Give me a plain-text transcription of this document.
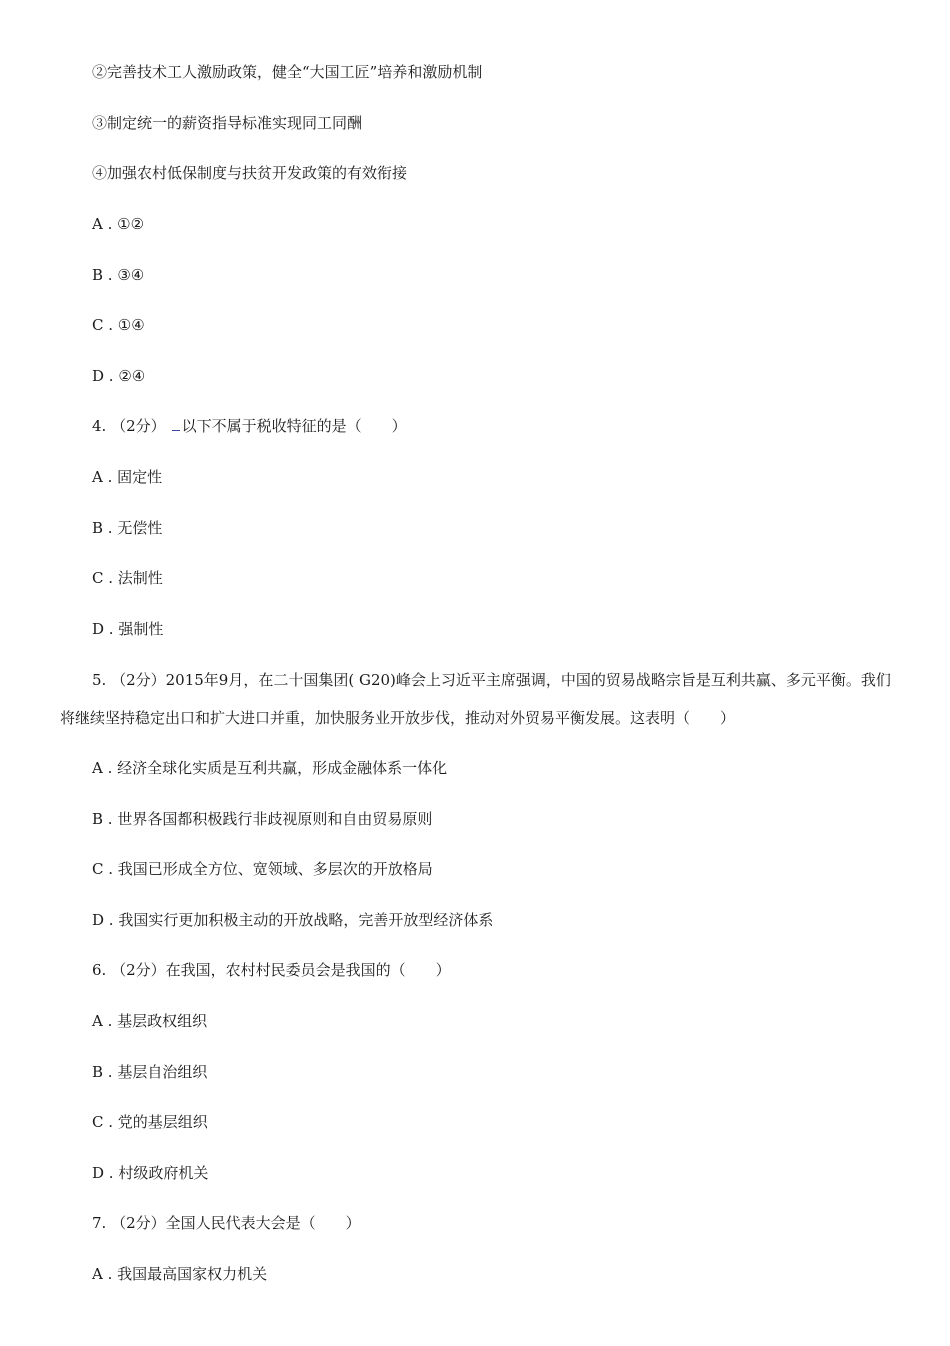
②完善技术工人激励政策，健全“大国工匠”培养和激励机制
③制定统一的薪资指导标准实现同工同酬
④加强农村低保制度与扶贫开发政策的有效衔接
A . ①②
B . ③④
C . ①④
D . ②④
4. （2分） 以下不属于税收特征的是（　　）
A . 固定性
B . 无偿性
C . 法制性
D . 强制性
5. （2分）2015年9月，在二十国集团( G20)峰会上习近平主席强调，中国的贸易战略宗旨是互利共赢、多元平衡。我们将继续坚持稳定出口和扩大进口并重，加快服务业开放步伐，推动对外贸易平衡发展。这表明（　　）
A . 经济全球化实质是互利共赢，形成金融体系一体化
B . 世界各国都积极践行非歧视原则和自由贸易原则
C . 我国已形成全方位、宽领域、多层次的开放格局
D . 我国实行更加积极主动的开放战略，完善开放型经济体系
6. （2分）在我国，农村村民委员会是我国的（　　）
A . 基层政权组织
B . 基层自治组织
C . 党的基层组织
D . 村级政府机关
7. （2分）全国人民代表大会是（　　）
A . 我国最高国家权力机关
